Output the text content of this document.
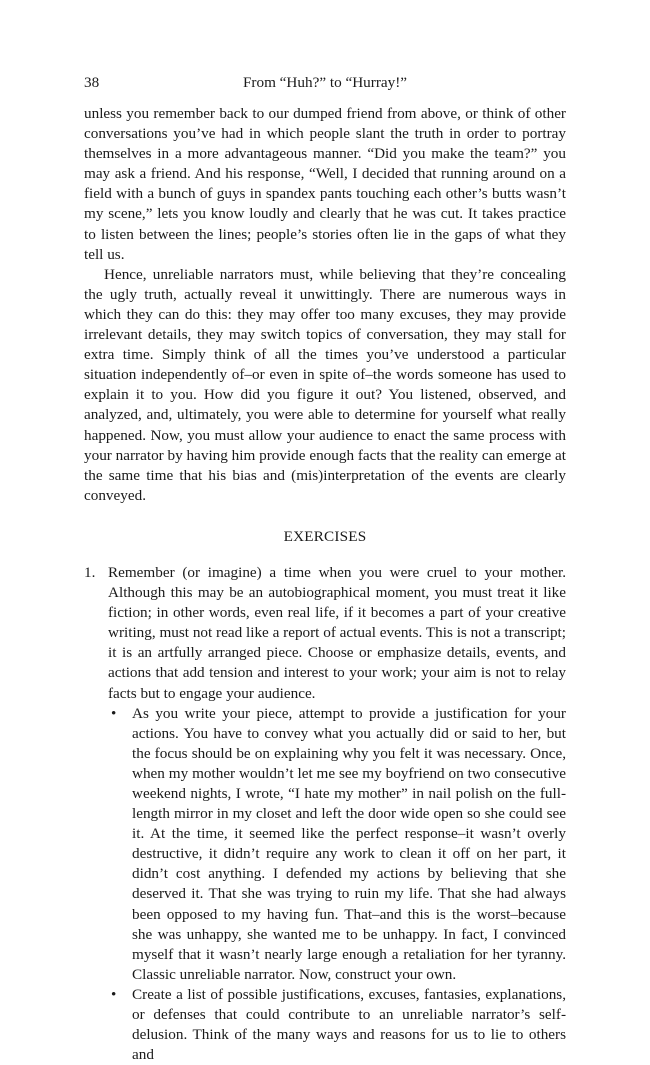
38	From “Huh?” to “Hurray!”

unless you remember back to our dumped friend from above, or think of other conversations you’ve had in which people slant the truth in order to portray themselves in a more advantageous manner. “Did you make the team?” you may ask a friend. And his response, “Well, I decided that running around on a field with a bunch of guys in spandex pants touching each other’s butts wasn’t my scene,” lets you know loudly and clearly that he was cut. It takes practice to listen between the lines; people’s stories often lie in the gaps of what they tell us.

Hence, unreliable narrators must, while believing that they’re concealing the ugly truth, actually reveal it unwittingly. There are numerous ways in which they can do this: they may offer too many excuses, they may provide irrelevant details, they may switch topics of conversation, they may stall for extra time. Simply think of all the times you’ve understood a particular situation independently of–or even in spite of–the words someone has used to explain it to you. How did you figure it out? You listened, observed, and analyzed, and, ultimately, you were able to determine for yourself what really happened. Now, you must allow your audience to enact the same process with your narrator by having him provide enough facts that the reality can emerge at the same time that his bias and (mis)interpretation of the events are clearly conveyed.

EXERCISES
1. Remember (or imagine) a time when you were cruel to your mother. Although this may be an autobiographical moment, you must treat it like fiction; in other words, even real life, if it becomes a part of your creative writing, must not read like a report of actual events. This is not a transcript; it is an artfully arranged piece. Choose or emphasize details, events, and actions that add tension and interest to your work; your aim is not to relay facts but to engage your audience.

• As you write your piece, attempt to provide a justification for your actions. You have to convey what you actually did or said to her, but the focus should be on explaining why you felt it was necessary. Once, when my mother wouldn’t let me see my boyfriend on two consecutive weekend nights, I wrote, “I hate my mother” in nail polish on the full-length mirror in my closet and left the door wide open so she could see it. At the time, it seemed like the perfect response–it wasn’t overly destructive, it didn’t require any work to clean it off on her part, it didn’t cost anything. I defended my actions by believing that she deserved it. That she was trying to ruin my life. That she had always been opposed to my having fun. That–and this is the worst–because she was unhappy, she wanted me to be unhappy. In fact, I convinced myself that it wasn’t nearly large enough a retaliation for her tyranny. Classic unreliable narrator. Now, construct your own.
• Create a list of possible justifications, excuses, fantasies, explanations, or defenses that could contribute to an unreliable narrator’s self-delusion. Think of the many ways and reasons for us to lie to others and
